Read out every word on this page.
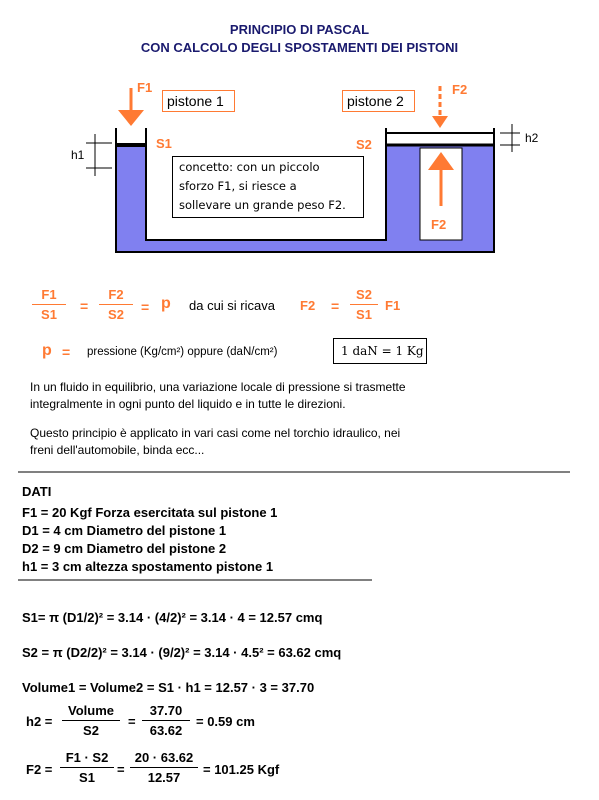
PRINCIPIO DI PASCAL
CON CALCOLO DEGLI SPOSTAMENTI DEI PISTONI
F1	F2
F2
pistone 1	pistone 2
S1	S2
h1
h2
concetto: con un piccolo
sforzo F1, si riesce a
sollevare un grande peso F2.
F1
S1
=
F2
S2	= p da cui si ricava F2 =
S2
S1
F1
p = pressione (Kg/cm²) oppure (daN/cm²)	1 daN = 1 Kg
In un fluido in equilibrio, una variazione locale di pressione si trasmette
integralmente in ogni punto del liquido e in tutte le direzioni.
Questo principio è applicato in vari casi come nel torchio idraulico, nei
freni dell'automobile, binda ecc...
DATI
F1 = 20 Kgf Forza esercitata sul pistone 1
D1 = 4 cm Diametro del pistone 1
D2 = 9 cm Diametro del pistone 2
h1 = 3 cm altezza spostamento pistone 1
S1= π (D1/2)² = 3.14 · (4/2)² = 3.14 · 4 = 12.57 cmq
S2 = π (D2/2)² = 3.14 · (9/2)² = 3.14 · 4.5² = 63.62 cmq
Volume1 = Volume2 = S1 · h1 = 12.57 · 3 = 37.70
h2 =
Volume
S2
=
37.70
63.62
= 0.59 cm
F2 =
F1 · S2
S1
=
20 · 63.62
12.57
= 101.25 Kgf
